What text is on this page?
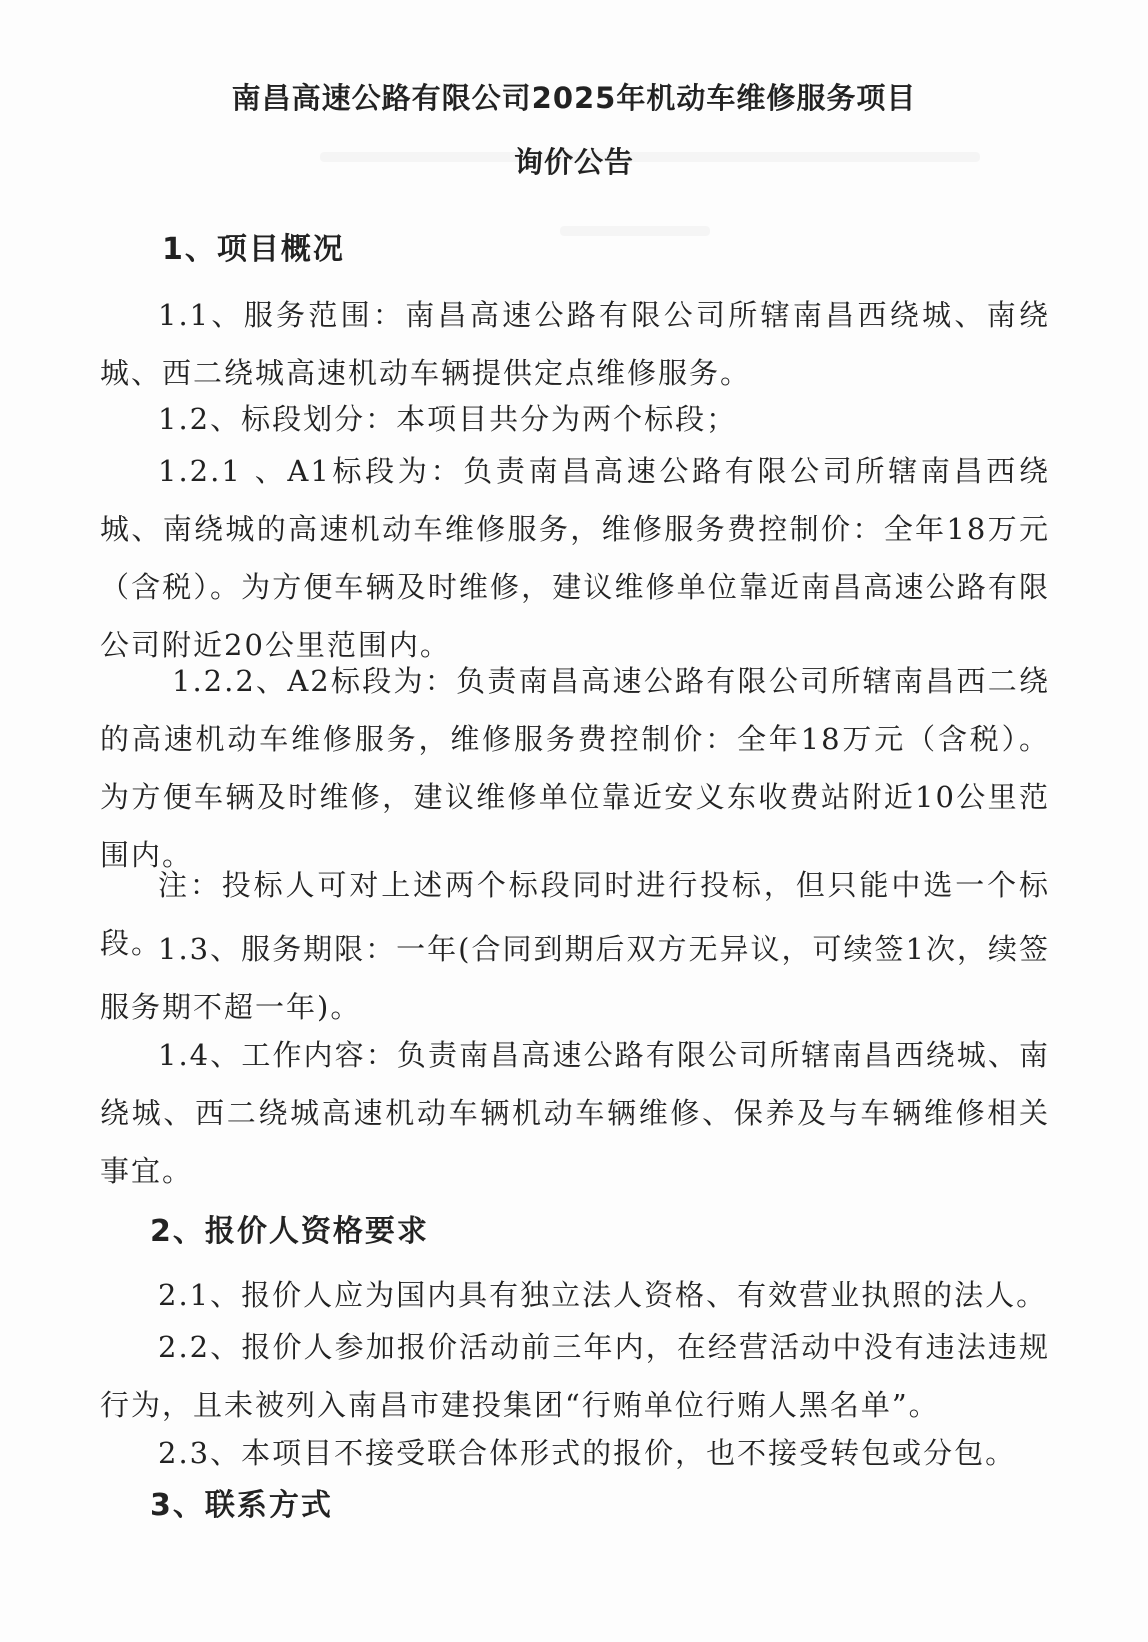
南昌高速公路有限公司2025年机动车维修服务项目
询价公告
1、项目概况
1.1、服务范围：南昌高速公路有限公司所辖南昌西绕城、南绕城、西二绕城高速机动车辆提供定点维修服务。
1.2、标段划分：本项目共分为两个标段；
1.2.1 、A1标段为：负责南昌高速公路有限公司所辖南昌西绕城、南绕城的高速机动车维修服务，维修服务费控制价：全年18万元（含税）。为方便车辆及时维修，建议维修单位靠近南昌高速公路有限公司附近20公里范围内。
1.2.2、A2标段为：负责南昌高速公路有限公司所辖南昌西二绕的高速机动车维修服务，维修服务费控制价：全年18万元（含税）。为方便车辆及时维修，建议维修单位靠近安义东收费站附近10公里范围内。
注：投标人可对上述两个标段同时进行投标，但只能中选一个标段。
1.3、服务期限：一年(合同到期后双方无异议，可续签1次，续签服务期不超一年)。
1.4、工作内容：负责南昌高速公路有限公司所辖南昌西绕城、南绕城、西二绕城高速机动车辆机动车辆维修、保养及与车辆维修相关事宜。
2、报价人资格要求
2.1、报价人应为国内具有独立法人资格、有效营业执照的法人。
2.2、报价人参加报价活动前三年内，在经营活动中没有违法违规行为，且未被列入南昌市建投集团“行贿单位行贿人黑名单”。
2.3、本项目不接受联合体形式的报价，也不接受转包或分包。
3、联系方式
